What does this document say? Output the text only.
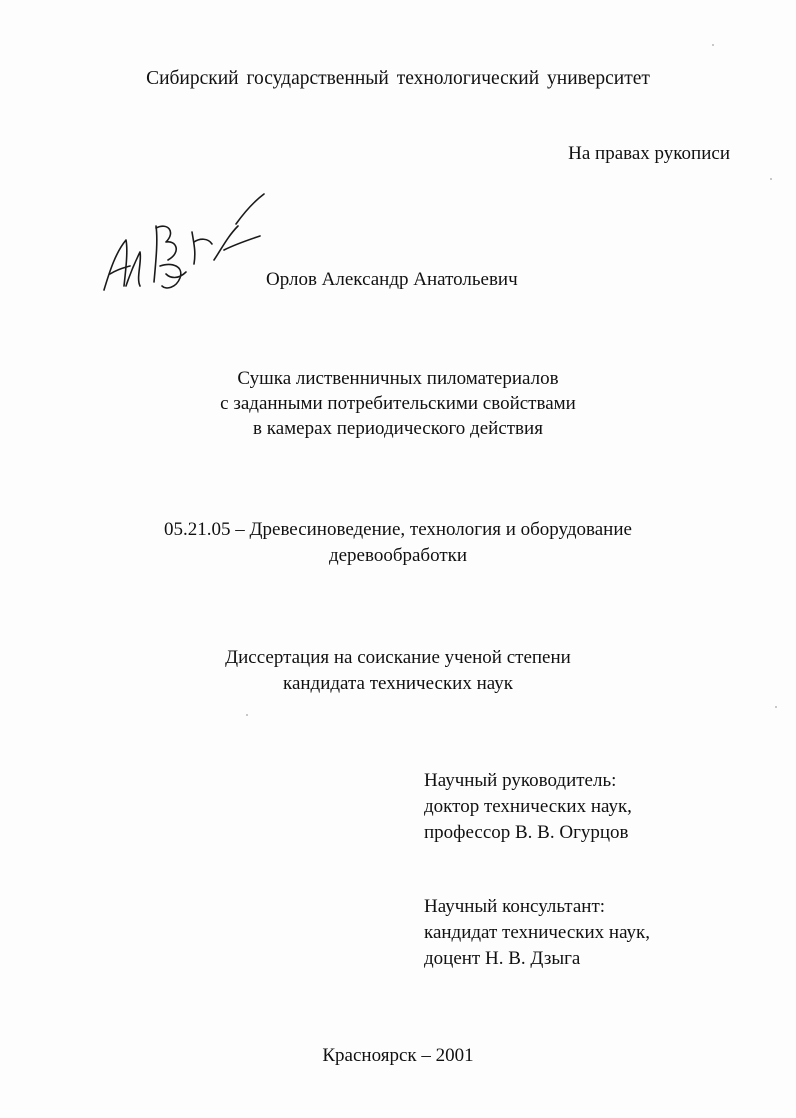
Сибирский государственный технологический университет

На правах рукописи

Орлов Александр Анатольевич

Сушка лиственничных пиломатериалов
с заданными потребительскими свойствами
в камерах периодического действия
05.21.05 – Древесиноведение, технология и оборудование
деревообработки
Диссертация на соискание ученой степени
кандидата технических наук
Научный руководитель:
доктор технических наук,
профессор В. В. Огурцов
Научный консультант:
кандидат технических наук,
доцент Н. В. Дзыга

Красноярск – 2001
